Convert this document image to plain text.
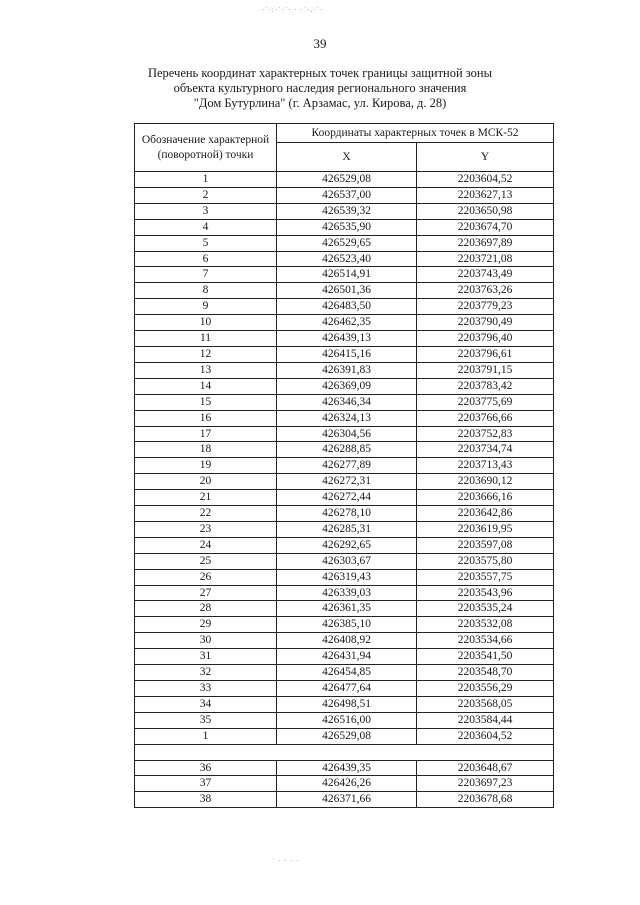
·˙·:·˙·˙· · ·˙·.·˙·
39
Перечень координат характерных точек границы защитной зоны
объекта культурного наследия регионального значения
"Дом Бутурлина" (г. Арзамас, ул. Кирова, д. 28)
Обозначение характерной (поворотной) точки	Координаты характерных точек в МСК-52	
	X	Y
1	426529,08	2203604,52
2	426537,00	2203627,13
3	426539,32	2203650,98
4	426535,90	2203674,70
5	426529,65	2203697,89
6	426523,40	2203721,08
7	426514,91	2203743,49
8	426501,36	2203763,26
9	426483,50	2203779,23
10	426462,35	2203790,49
11	426439,13	2203796,40
12	426415,16	2203796,61
13	426391,83	2203791,15
14	426369,09	2203783,42
15	426346,34	2203775,69
16	426324,13	2203766,66
17	426304,56	2203752,83
18	426288,85	2203734,74
19	426277,89	2203713,43
20	426272,31	2203690,12
21	426272,44	2203666,16
22	426278,10	2203642,86
23	426285,31	2203619,95
24	426292,65	2203597,08
25	426303,67	2203575,80
26	426319,43	2203557,75
27	426339,03	2203543,96
28	426361,35	2203535,24
29	426385,10	2203532,08
30	426408,92	2203534,66
31	426431,94	2203541,50
32	426454,85	2203548,70
33	426477,64	2203556,29
34	426498,51	2203568,05
35	426516,00	2203584,44
1	426529,08	2203604,52

36	426439,35	2203648,67
37	426426,26	2203697,23
38	426371,66	2203678,68
˙ · · · ·
